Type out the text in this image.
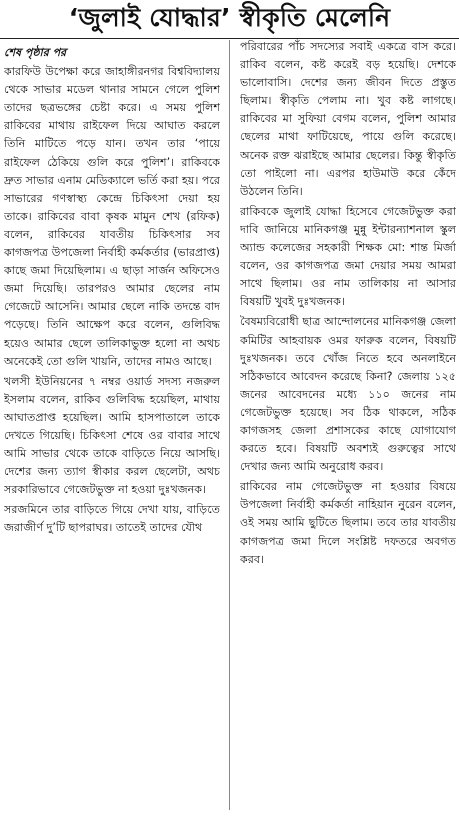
‘জুলাই যোদ্ধার’ স্বীকৃতি মেলেনি
শেষ পৃষ্ঠার পর

কারফিউ উপেক্ষা করে জাহাঙ্গীরনগর বিশ্ববিদ্যালয় থেকে সাভার মডেল থানার সামনে গেলে পুলিশ তাদের ছত্রভঙ্গের চেষ্টা করে। এ সময় পুলিশ রাকিবের মাথায় রাইফেল দিয়ে আঘাত করলে তিনি মাটিতে পড়ে যান। তখন তার ‘পায়ে রাইফেল ঠেকিয়ে গুলি করে পুলিশ’। রাকিবকে দ্রুত সাভার এনাম মেডিক্যালে ভর্তি করা হয়। পরে সাভারের গণস্বাস্থ্য কেন্দ্রে চিকিৎসা দেয়া হয় তাকে। রাকিবের বাবা কৃষক মামুন শেখ (রফিক) বলেন, রাকিবের যাবতীয় চিকিৎসার সব কাগজপত্র উপজেলা নির্বাহী কর্মকর্তার (ভারপ্রাপ্ত) কাছে জমা দিয়েছিলাম। এ ছাড়া সার্জন অফিসেও জমা দিয়েছি। তারপরও আমার ছেলের নাম গেজেটে আসেনি। আমার ছেলে নাকি তদন্তে বাদ পড়েছে। তিনি আক্ষেপ করে বলেন, গুলিবিদ্ধ হয়েও আমার ছেলে তালিকাভুক্ত হলো না অথচ অনেকেই তো গুলি খায়নি, তাদের নামও আছে।

খলসী ইউনিয়নের ৭ নম্বর ওয়ার্ড সদস্য নজরুল ইসলাম বলেন, রাকিব গুলিবিদ্ধ হয়েছিল, মাথায় আঘাতপ্রাপ্ত হয়েছিল। আমি হাসপাতালে তাকে দেখতে গিয়েছি। চিকিৎসা শেষে ওর বাবার সাথে আমি সাভার থেকে তাকে বাড়িতে নিয়ে আসছি। দেশের জন্য ত্যাগ স্বীকার করল ছেলেটা, অথচ সরকারিভাবে গেজেটভুক্ত না হওয়া দুঃখজনক।

সরজমিনে তার বাড়িতে গিয়ে দেখা যায়, বাড়িতে জরাজীর্ণ দু’টি ছাপরাঘর। তাতেই তাদের যৌথ

পরিবারের পাঁচ সদস্যের সবাই একত্রে বাস করে। রাকিব বলেন, কষ্ট করেই বড় হয়েছি। দেশকে ভালোবাসি। দেশের জন্য জীবন দিতে প্রস্তুত ছিলাম। স্বীকৃতি পেলাম না। খুব কষ্ট লাগছে। রাকিবের মা সুফিয়া বেগম বলেন, পুলিশ আমার ছেলের মাথা ফাটিয়েছে, পায়ে গুলি করেছে। অনেক রক্ত ঝরাইছে আমার ছেলের। কিন্তু স্বীকৃতি তো পাইলো না। এরপর হাউমাউ করে কেঁদে উঠলেন তিনি।

রাকিবকে জুলাই যোদ্ধা হিসেবে গেজেটভুক্ত করা দাবি জানিয়ে মানিকগঞ্জ মুন্নু ইন্টারন্যাশনাল স্কুল অ্যান্ড কলেজের সহকারী শিক্ষক মো: শান্ত মির্জা বলেন, ওর কাগজপত্র জমা দেয়ার সময় আমরা সাথে ছিলাম। ওর নাম তালিকায় না আসার বিষয়টি খুবই দুঃখজনক।

বৈষম্যবিরোধী ছাত্র আন্দোলনের মানিকগঞ্জ জেলা কমিটির আহবায়ক ওমর ফারুক বলেন, বিষয়টি দুঃখজনক। তবে খোঁজ নিতে হবে অনলাইনে সঠিকভাবে আবেদন করেছে কিনা? জেলায় ১২৫ জনের আবেদনের মধ্যে ১১০ জনের নাম গেজেটভুক্ত হয়েছে। সব ঠিক থাকলে, সঠিক কাগজসহ জেলা প্রশাসকের কাছে যোগাযোগ করতে হবে। বিষয়টি অবশ্যই গুরুত্বের সাথে দেখার জন্য আমি অনুরোধ করব।

রাকিবের নাম গেজেটভুক্ত না হওয়ার বিষয়ে উপজেলা নির্বাহী কর্মকর্তা নাহিয়ান নুরেন বলেন, ওই সময় আমি ছুটিতে ছিলাম। তবে তার যাবতীয় কাগজপত্র জমা দিলে সংশ্লিষ্ট দফতরে অবগত করব।
